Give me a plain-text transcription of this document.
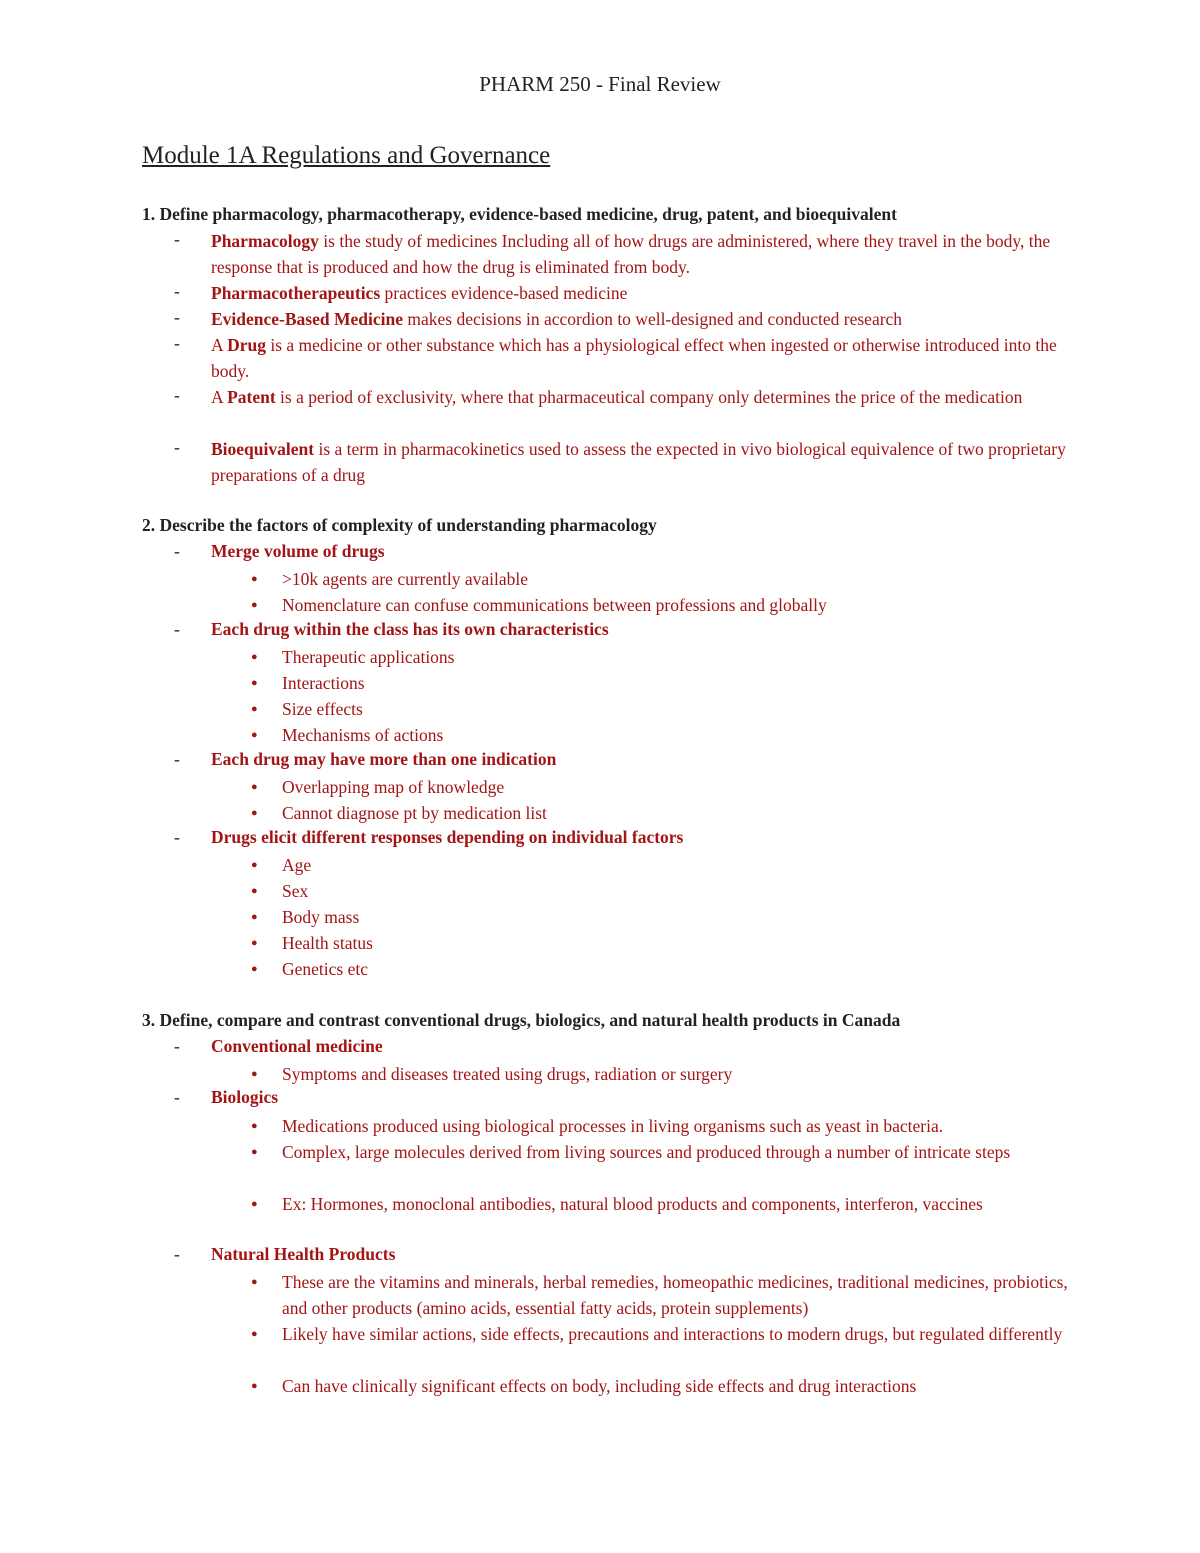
PHARM 250 - Final Review
Module 1A Regulations and Governance
1. Define pharmacology, pharmacotherapy, evidence-based medicine, drug, patent, and bioequivalent
- Pharmacology is the study of medicines Including all of how drugs are administered, where they travel in the body, the response that is produced and how the drug is eliminated from body.
- Pharmacotherapeutics practices evidence-based medicine
- Evidence-Based Medicine makes decisions in accordion to well-designed and conducted research
- A Drug is a medicine or other substance which has a physiological effect when ingested or otherwise introduced into the body.
- A Patent is a period of exclusivity, where that pharmaceutical company only determines the price of the medication
- Bioequivalent is a term in pharmacokinetics used to assess the expected in vivo biological equivalence of two proprietary preparations of a drug
2. Describe the factors of complexity of understanding pharmacology
- Merge volume of drugs
● >10k agents are currently available
● Nomenclature can confuse communications between professions and globally
- Each drug within the class has its own characteristics
● Therapeutic applications
● Interactions
● Size effects
● Mechanisms of actions
- Each drug may have more than one indication
● Overlapping map of knowledge
● Cannot diagnose pt by medication list
- Drugs elicit different responses depending on individual factors
● Age
● Sex
● Body mass
● Health status
● Genetics etc
3. Define, compare and contrast conventional drugs, biologics, and natural health products in Canada
- Conventional medicine
● Symptoms and diseases treated using drugs, radiation or surgery
- Biologics
● Medications produced using biological processes in living organisms such as yeast in bacteria.
● Complex, large molecules derived from living sources and produced through a number of intricate steps
● Ex: Hormones, monoclonal antibodies, natural blood products and components, interferon, vaccines
- Natural Health Products
● These are the vitamins and minerals, herbal remedies, homeopathic medicines, traditional medicines, probiotics, and other products (amino acids, essential fatty acids, protein supplements)
● Likely have similar actions, side effects, precautions and interactions to modern drugs, but regulated differently
● Can have clinically significant effects on body, including side effects and drug interactions
